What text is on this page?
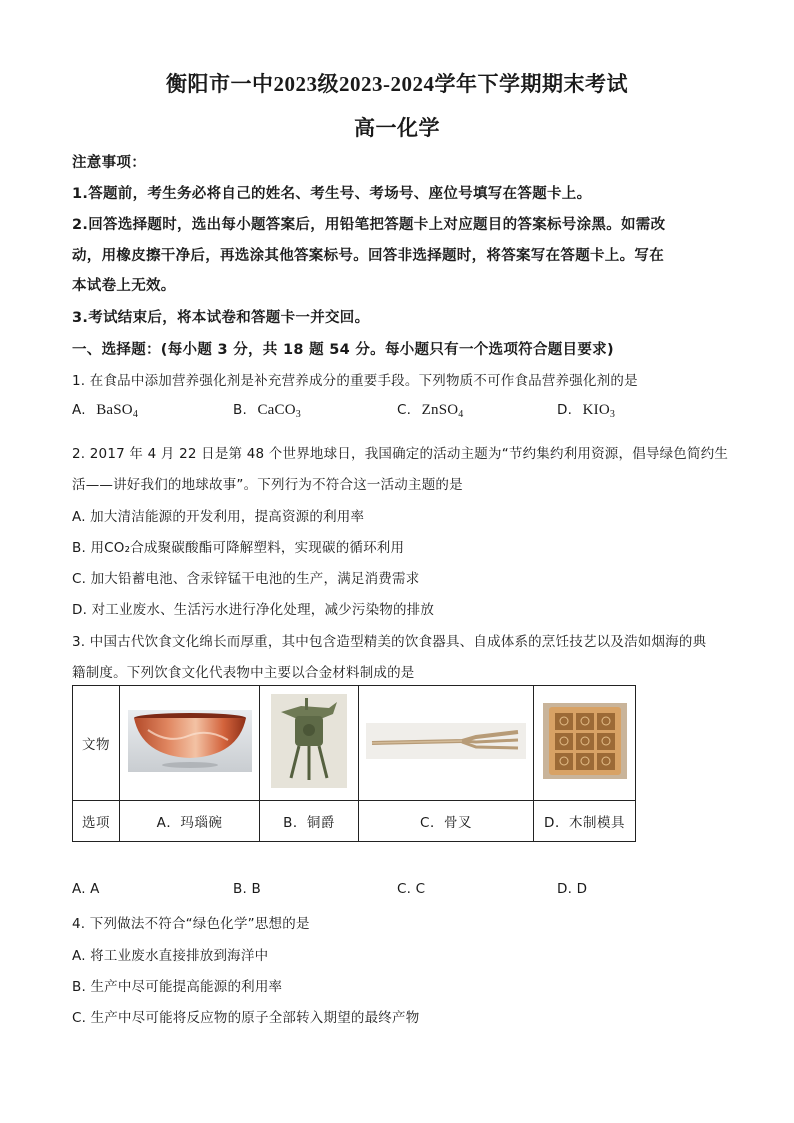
衡阳市一中2023级2023-2024学年下学期期末考试
高一化学
注意事项：
1.答题前，考生务必将自己的姓名、考生号、考场号、座位号填写在答题卡上。
2.回答选择题时，选出每小题答案后，用铅笔把答题卡上对应题目的答案标号涂黑。如需改
动，用橡皮擦干净后，再选涂其他答案标号。回答非选择题时，将答案写在答题卡上。写在
本试卷上无效。
3.考试结束后，将本试卷和答题卡一并交回。
一、选择题：(每小题 3 分，共 18 题 54 分。每小题只有一个选项符合题目要求)
1. 在食品中添加营养强化剂是补充营养成分的重要手段。下列物质不可作食品营养强化剂的是
A. BaSO$_4$	B. CaCO$_3$	C. ZnSO$_4$	D. $KIO_3$
2. 2017 年 4 月 22 日是第 48 个世界地球日，我国确定的活动主题为“节约集约利用资源，倡导绿色简约生
活——讲好我们的地球故事”。下列行为不符合这一活动主题的是
A. 加大清洁能源的开发利用，提高资源的利用率
B. 用CO₂合成聚碳酸酯可降解塑料，实现碳的循环利用
C. 加大铅蓄电池、含汞锌锰干电池的生产，满足消费需求
D. 对工业废水、生活污水进行净化处理，减少污染物的排放
3. 中国古代饮食文化绵长而厚重，其中包含造型精美的饮食器具、自成体系的烹饪技艺以及浩如烟海的典
籍制度。下列饮食文化代表物中主要以合金材料制成的是
文物				
选项	A．玛瑙碗	B．铜爵	C．骨叉	D．木制模具
A. A	B. B	C. C	D. D
4. 下列做法不符合“绿色化学”思想的是
A. 将工业废水直接排放到海洋中
B. 生产中尽可能提高能源的利用率
C. 生产中尽可能将反应物的原子全部转入期望的最终产物
